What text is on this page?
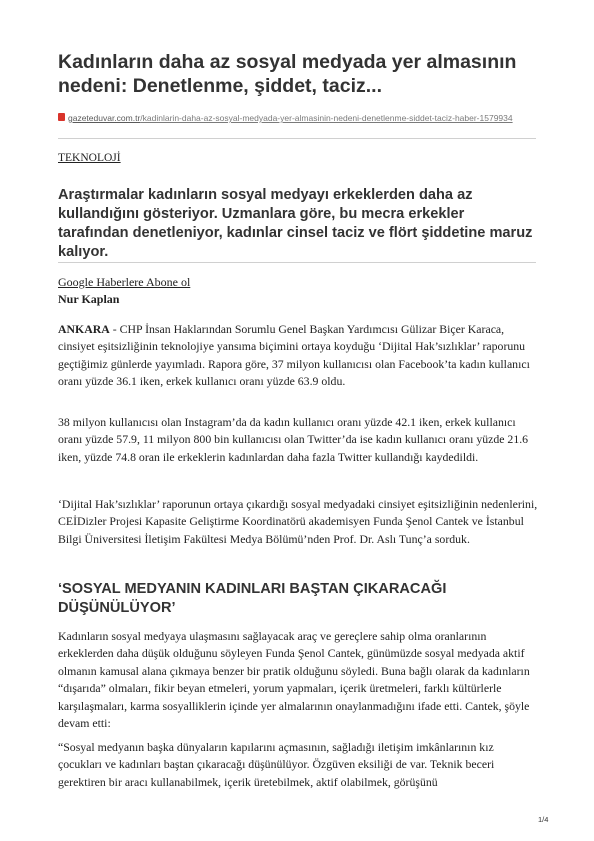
Kadınların daha az sosyal medyada yer almasının nedeni: Denetlenme, şiddet, taciz...
gazeteduvar.com.tr/kadinlarin-daha-az-sosyal-medyada-yer-almasinin-nedeni-denetlenme-siddet-taciz-haber-1579934

TEKNOLOJİ

Araştırmalar kadınların sosyal medyayı erkeklerden daha az kullandığını gösteriyor. Uzmanlara göre, bu mecra erkekler tarafından denetleniyor, kadınlar cinsel taciz ve flört şiddetine maruz kalıyor.

Google Haberlere Abone ol

Nur Kaplan

ANKARA - CHP İnsan Haklarından Sorumlu Genel Başkan Yardımcısı Gülizar Biçer Karaca, cinsiyet eşitsizliğinin teknolojiye yansıma biçimini ortaya koyduğu ‘Dijital Hak’sızlıklar’ raporunu geçtiğimiz günlerde yayımladı. Rapora göre, 37 milyon kullanıcısı olan Facebook’ta kadın kullanıcı oranı yüzde 36.1 iken, erkek kullanıcı oranı yüzde 63.9 oldu.

38 milyon kullanıcısı olan Instagram’da da kadın kullanıcı oranı yüzde 42.1 iken, erkek kullanıcı oranı yüzde 57.9, 11 milyon 800 bin kullanıcısı olan Twitter’da ise kadın kullanıcı oranı yüzde 21.6 iken, yüzde 74.8 oran ile erkeklerin kadınlardan daha fazla Twitter kullandığı kaydedildi.

‘Dijital Hak’sızlıklar’ raporunun ortaya çıkardığı sosyal medyadaki cinsiyet eşitsizliğinin nedenlerini, CEİDizler Projesi Kapasite Geliştirme Koordinatörü akademisyen Funda Şenol Cantek ve İstanbul Bilgi Üniversitesi İletişim Fakültesi Medya Bölümü’nden Prof. Dr. Aslı Tunç’a sorduk.

‘SOSYAL MEDYANIN KADINLARI BAŞTAN ÇIKARACAĞI DÜŞÜNÜLÜYOR’

Kadınların sosyal medyaya ulaşmasını sağlayacak araç ve gereçlere sahip olma oranlarının erkeklerden daha düşük olduğunu söyleyen Funda Şenol Cantek, günümüzde sosyal medyada aktif olmanın kamusal alana çıkmaya benzer bir pratik olduğunu söyledi. Buna bağlı olarak da kadınların “dışarıda” olmaları, fikir beyan etmeleri, yorum yapmaları, içerik üretmeleri, farklı kültürlerle karşılaşmaları, karma sosyalliklerin içinde yer almalarının onaylanmadığını ifade etti. Cantek, şöyle devam etti:

“Sosyal medyanın başka dünyaların kapılarını açmasının, sağladığı iletişim imkânlarının kız çocukları ve kadınları baştan çıkaracağı düşünülüyor. Özgüven eksiliği de var. Teknik beceri gerektiren bir aracı kullanabilmek, içerik üretebilmek, aktif olabilmek, görüşünü

1/4
